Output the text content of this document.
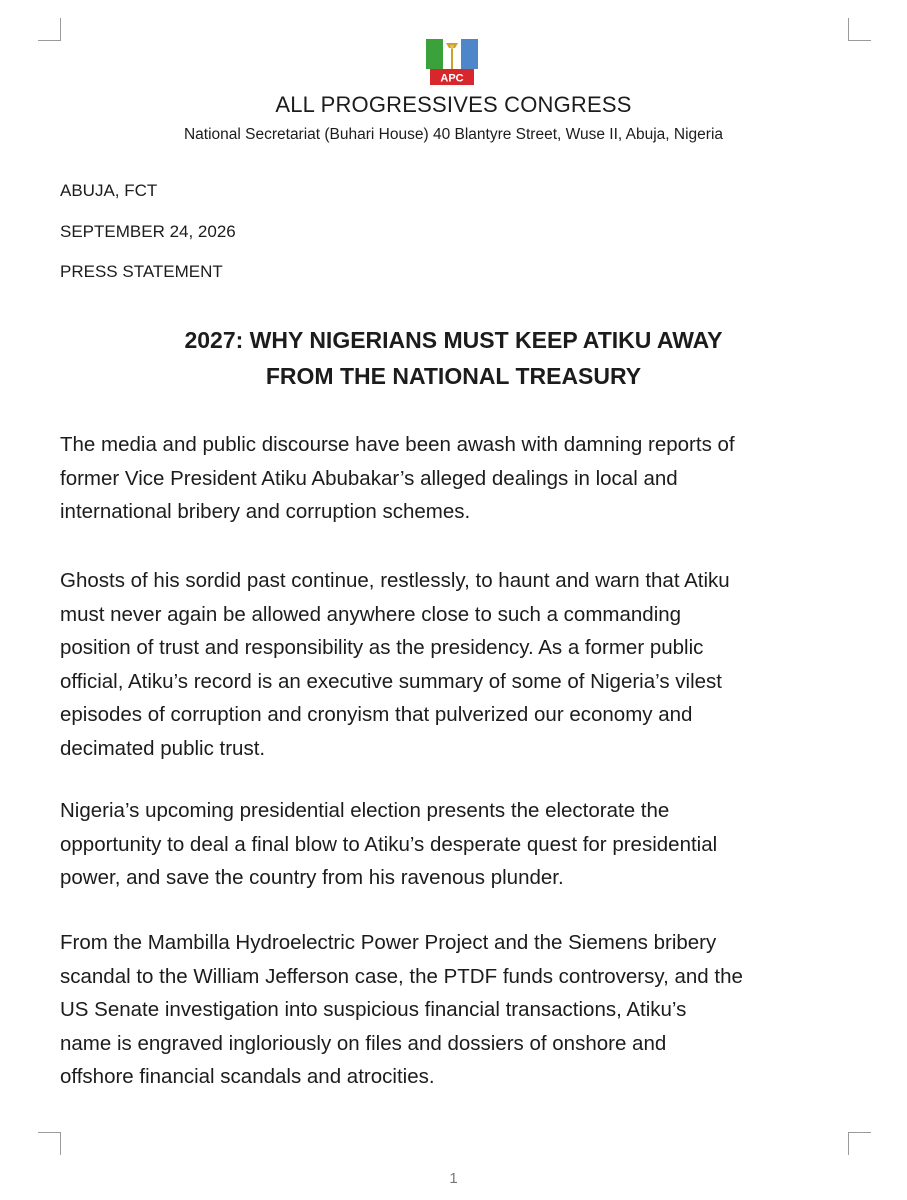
APC
ALL PROGRESSIVES CONGRESS
National Secretariat (Buhari House) 40 Blantyre Street, Wuse II, Abuja, Nigeria
ABUJA, FCT
SEPTEMBER 24, 2026
PRESS STATEMENT
2027: WHY NIGERIANS MUST KEEP ATIKU AWAY
FROM THE NATIONAL TREASURY
The media and public discourse have been awash with damning reports of
former Vice President Atiku Abubakar’s alleged dealings in local and
international bribery and corruption schemes.
Ghosts of his sordid past continue, restlessly, to haunt and warn that Atiku
must never again be allowed anywhere close to such a commanding
position of trust and responsibility as the presidency. As a former public
official, Atiku’s record is an executive summary of some of Nigeria’s vilest
episodes of corruption and cronyism that pulverized our economy and
decimated public trust.
Nigeria’s upcoming presidential election presents the electorate the
opportunity to deal a final blow to Atiku’s desperate quest for presidential
power, and save the country from his ravenous plunder.
From the Mambilla Hydroelectric Power Project and the Siemens bribery
scandal to the William Jefferson case, the PTDF funds controversy, and the
US Senate investigation into suspicious financial transactions, Atiku’s
name is engraved ingloriously on files and dossiers of onshore and
offshore financial scandals and atrocities.
1
